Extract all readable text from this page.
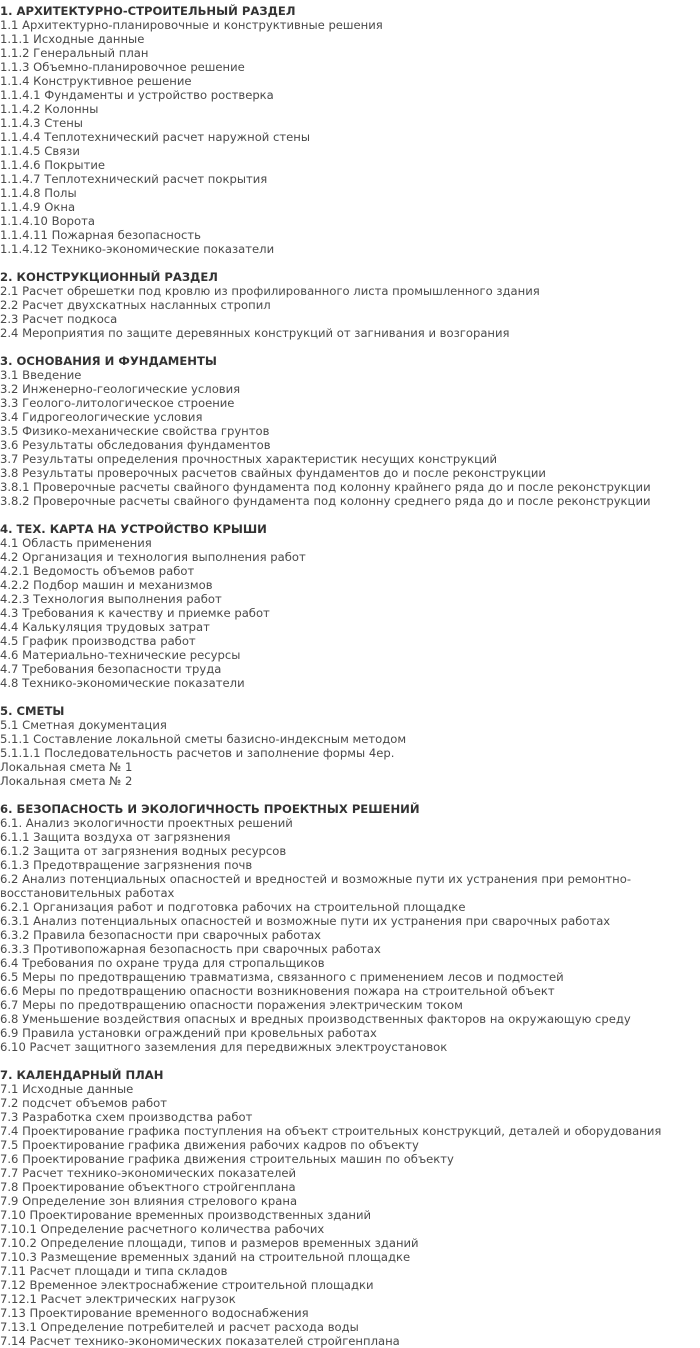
1. АРХИТЕКТУРНО-СТРОИТЕЛЬНЫЙ РАЗДЕЛ
1.1 Архитектурно-планировочные и конструктивные решения
1.1.1 Исходные данные
1.1.2 Генеральный план
1.1.3 Объемно-планировочное решение
1.1.4 Конструктивное решение
1.1.4.1 Фундаменты и устройство ростверка
1.1.4.2 Колонны
1.1.4.3 Стены
1.1.4.4 Теплотехнический расчет наружной стены
1.1.4.5 Связи
1.1.4.6 Покрытие
1.1.4.7 Теплотехнический расчет покрытия
1.1.4.8 Полы
1.1.4.9 Окна
1.1.4.10 Ворота
1.1.4.11 Пожарная безопасность
1.1.4.12 Технико-экономические показатели
2. КОНСТРУКЦИОННЫЙ РАЗДЕЛ
2.1 Расчет обрешетки под кровлю из профилированного листа промышленного здания
2.2 Расчет двухскатных насланных стропил
2.3 Расчет подкоса
2.4 Мероприятия по защите деревянных конструкций от загнивания и возгорания
3. ОСНОВАНИЯ И ФУНДАМЕНТЫ
3.1 Введение
3.2 Инженерно-геологические условия
3.3 Геолого-литологическое строение
3.4 Гидрогеологические условия
3.5 Физико-механические свойства грунтов
3.6 Результаты обследования фундаментов
3.7 Результаты определения прочностных характеристик несущих конструкций
3.8 Результаты проверочных расчетов свайных фундаментов до и после реконструкции
3.8.1 Проверочные расчеты свайного фундамента под колонну крайнего ряда до и после реконструкции
3.8.2 Проверочные расчеты свайного фундамента под колонну среднего ряда до и после реконструкции
4. ТЕХ. КАРТА НА УСТРОЙСТВО КРЫШИ
4.1 Область применения
4.2 Организация и технология выполнения работ
4.2.1 Ведомость объемов работ
4.2.2 Подбор машин и механизмов
4.2.3 Технология выполнения работ
4.3 Требования к качеству и приемке работ
4.4 Калькуляция трудовых затрат
4.5 График производства работ
4.6 Материально-технические ресурсы
4.7 Требования безопасности труда
4.8 Технико-экономические показатели
5. СМЕТЫ
5.1 Сметная документация
5.1.1 Составление локальной сметы базисно-индексным методом
5.1.1.1 Последовательность расчетов и заполнение формы 4ер.
Локальная смета № 1
Локальная смета № 2
6. БЕЗОПАСНОСТЬ И ЭКОЛОГИЧНОСТЬ ПРОЕКТНЫХ РЕШЕНИЙ
6.1. Анализ экологичности проектных решений
6.1.1 Защита воздуха от загрязнения
6.1.2 Защита от загрязнения водных ресурсов
6.1.3 Предотвращение загрязнения почв
6.2 Анализ потенциальных опасностей и вредностей и возможные пути их устранения при ремонтно-восстановительных работах
6.2.1 Организация работ и подготовка рабочих на строительной площадке
6.3.1 Анализ потенциальных опасностей и возможные пути их устранения при сварочных работах
6.3.2 Правила безопасности при сварочных работах
6.3.3 Противопожарная безопасность при сварочных работах
6.4 Требования по охране труда для стропальщиков
6.5 Меры по предотвращению травматизма, связанного с применением лесов и подмостей
6.6 Меры по предотвращению опасности возникновения пожара на строительной объект
6.7 Меры по предотвращению опасности поражения электрическим током
6.8 Уменьшение воздействия опасных и вредных производственных факторов на окружающую среду
6.9 Правила установки ограждений при кровельных работах
6.10 Расчет защитного заземления для передвижных электроустановок
7. КАЛЕНДАРНЫЙ ПЛАН
7.1 Исходные данные
7.2 подсчет объемов работ
7.3 Разработка схем производства работ
7.4 Проектирование графика поступления на объект строительных конструкций, деталей и оборудования
7.5 Проектирование графика движения рабочих кадров по объекту
7.6 Проектирование графика движения строительных машин по объекту
7.7 Расчет технико-экономических показателей
7.8 Проектирование объектного стройгенплана
7.9 Определение зон влияния стрелового крана
7.10 Проектирование временных производственных зданий
7.10.1 Определение расчетного количества рабочих
7.10.2 Определение площади, типов и размеров временных зданий
7.10.3 Размещение временных зданий на строительной площадке
7.11 Расчет площади и типа складов
7.12 Временное электроснабжение строительной площадки
7.12.1 Расчет электрических нагрузок
7.13 Проектирование временного водоснабжения
7.13.1 Определение потребителей и расчет расхода воды
7.14 Расчет технико-экономических показателей стройгенплана
